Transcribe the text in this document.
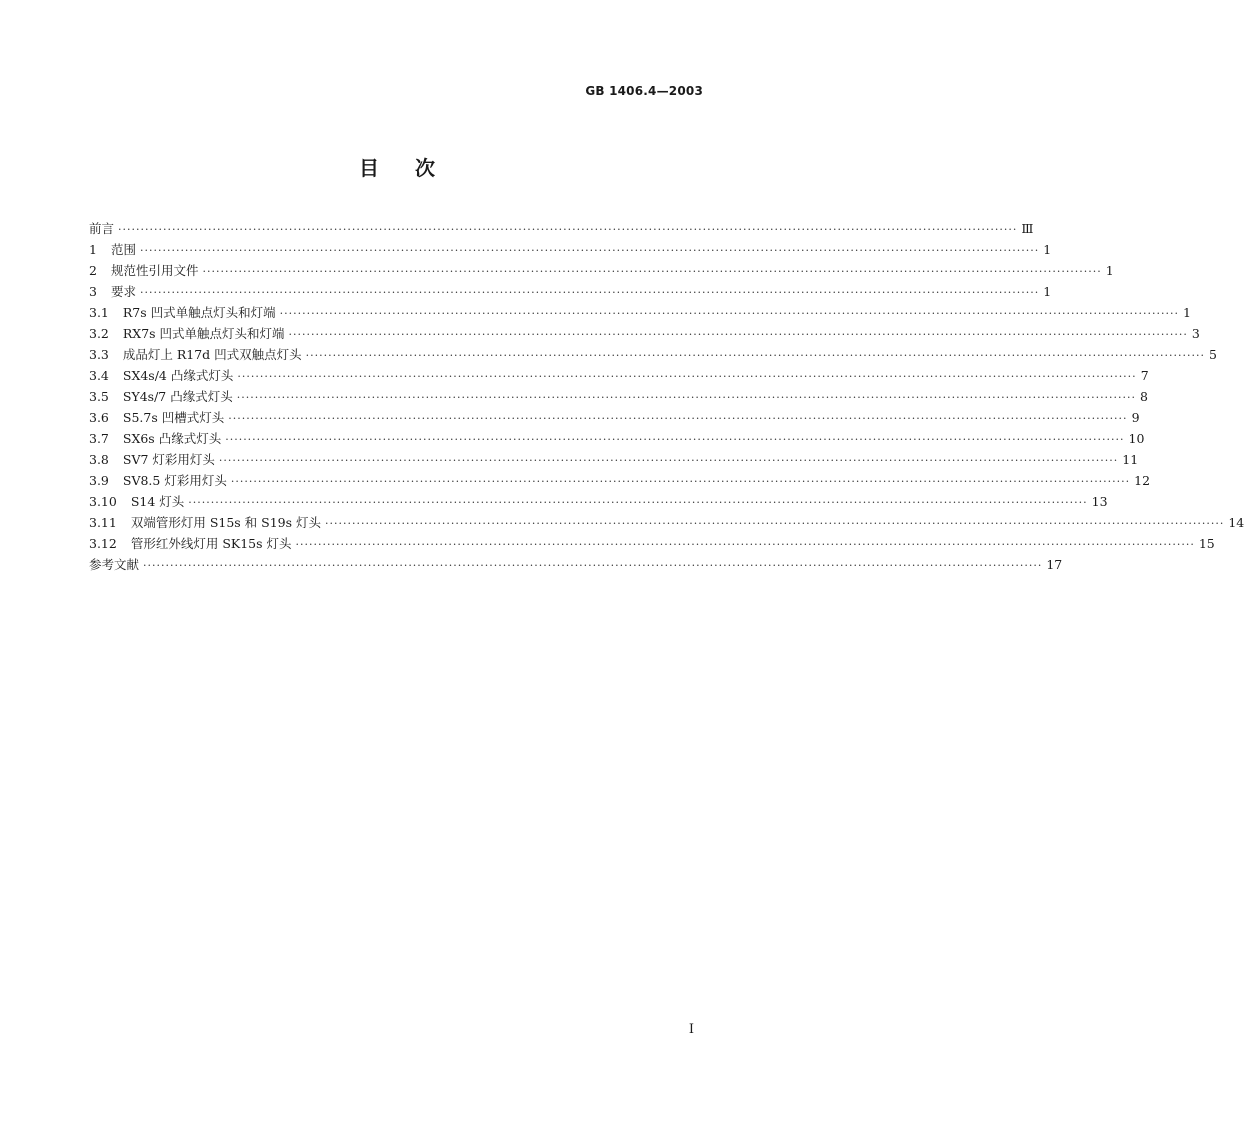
GB 1406.4—2003
目次
前言 ········································································································································································································ Ⅲ
1 范围 ········································································································································································································ 1
2 规范性引用文件 ········································································································································································································ 1
3 要求 ········································································································································································································ 1
3.1 R7s 凹式单触点灯头和灯端 ········································································································································································································ 1
3.2 RX7s 凹式单触点灯头和灯端 ········································································································································································································ 3
3.3 成品灯上 R17d 凹式双触点灯头 ········································································································································································································ 5
3.4 SX4s/4 凸缘式灯头 ········································································································································································································ 7
3.5 SY4s/7 凸缘式灯头 ········································································································································································································ 8
3.6 S5.7s 凹槽式灯头 ········································································································································································································ 9
3.7 SX6s 凸缘式灯头 ········································································································································································································ 10
3.8 SV7 灯彩用灯头 ········································································································································································································ 11
3.9 SV8.5 灯彩用灯头 ········································································································································································································ 12
3.10 S14 灯头 ········································································································································································································ 13
3.11 双端管形灯用 S15s 和 S19s 灯头 ········································································································································································································ 14
3.12 管形红外线灯用 SK15s 灯头 ········································································································································································································ 15
参考文献 ········································································································································································································ 17
I
